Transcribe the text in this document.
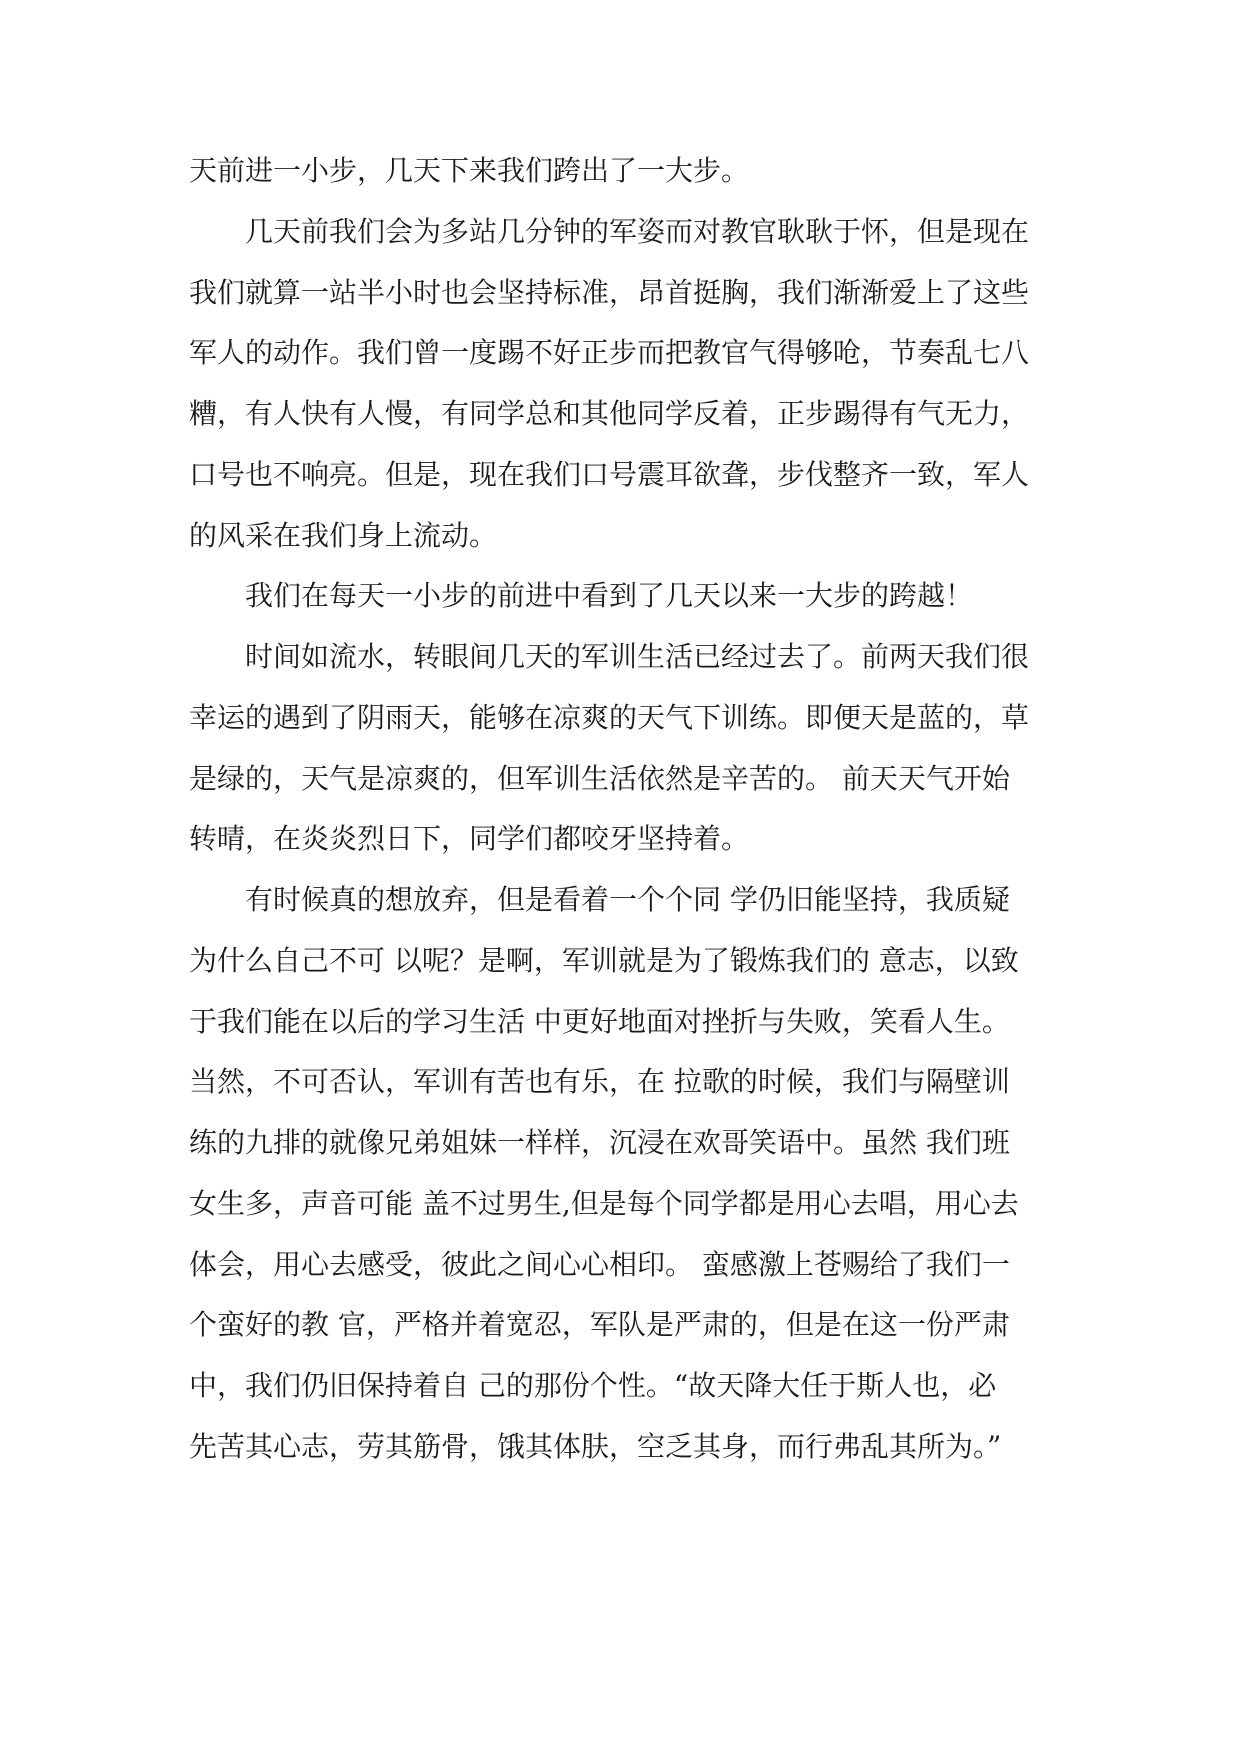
天前进一小步，几天下来我们跨出了一大步。
　　几天前我们会为多站几分钟的军姿而对教官耿耿于怀，但是现在
我们就算一站半小时也会坚持标准，昂首挺胸，我们渐渐爱上了这些
军人的动作。我们曾一度踢不好正步而把教官气得够呛，节奏乱七八
糟，有人快有人慢，有同学总和其他同学反着，正步踢得有气无力，
口号也不响亮。但是，现在我们口号震耳欲聋，步伐整齐一致，军人
的风采在我们身上流动。
　　我们在每天一小步的前进中看到了几天以来一大步的跨越！
　　时间如流水，转眼间几天的军训生活已经过去了。前两天我们很
幸运的遇到了阴雨天，能够在凉爽的天气下训练。即便天是蓝的，草
是绿的，天气是凉爽的，但军训生活依然是辛苦的。 前天天气开始
转晴，在炎炎烈日下，同学们都咬牙坚持着。
　　有时候真的想放弃，但是看着一个个同 学仍旧能坚持，我质疑
为什么自己不可 以呢？是啊，军训就是为了锻炼我们的 意志，以致
于我们能在以后的学习生活 中更好地面对挫折与失败，笑看人生。
当然，不可否认，军训有苦也有乐，在 拉歌的时候，我们与隔壁训
练的九排的就像兄弟姐妹一样样，沉浸在欢哥笑语中。虽然 我们班
女生多，声音可能 盖不过男生,但是每个同学都是用心去唱，用心去
体会，用心去感受，彼此之间心心相印。 蛮感激上苍赐给了我们一
个蛮好的教 官，严格并着宽忍，军队是严肃的，但是在这一份严肃
中，我们仍旧保持着自 己的那份个性。“故天降大任于斯人也，必
先苦其心志，劳其筋骨，饿其体肤，空乏其身，而行弗乱其所为。”
